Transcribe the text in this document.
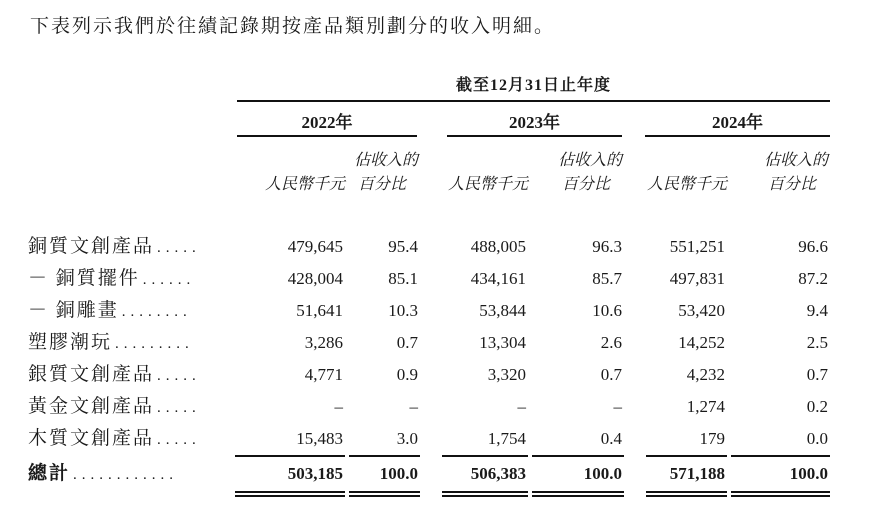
下表列示我們於往績記錄期按產品類別劃分的收入明細。

截至12月31日止年度
2022年	2023年	2024年
人民幣千元
佔收入的
百分比	人民幣千元
佔收入的
百分比	人民幣千元
佔收入的
百分比
銅質文創產品 .....	479,645	95.4	488,005	96.3	551,251	96.6
－ 銅質擺件 ......	428,004	85.1	434,161	85.7	497,831	87.2
－ 銅雕畫 ........	51,641	10.3	53,844	10.6	53,420	9.4
塑膠潮玩 .........	3,286	0.7	13,304	2.6	14,252	2.5
銀質文創產品 .....	4,771	0.9	3,320	0.7	4,232	0.7
黃金文創產品 .....	–	–	–	–	1,274	0.2
木質文創產品 .....	15,483	3.0	1,754	0.4	179	0.0
總計 ............	503,185	100.0	506,383	100.0	571,188	100.0
